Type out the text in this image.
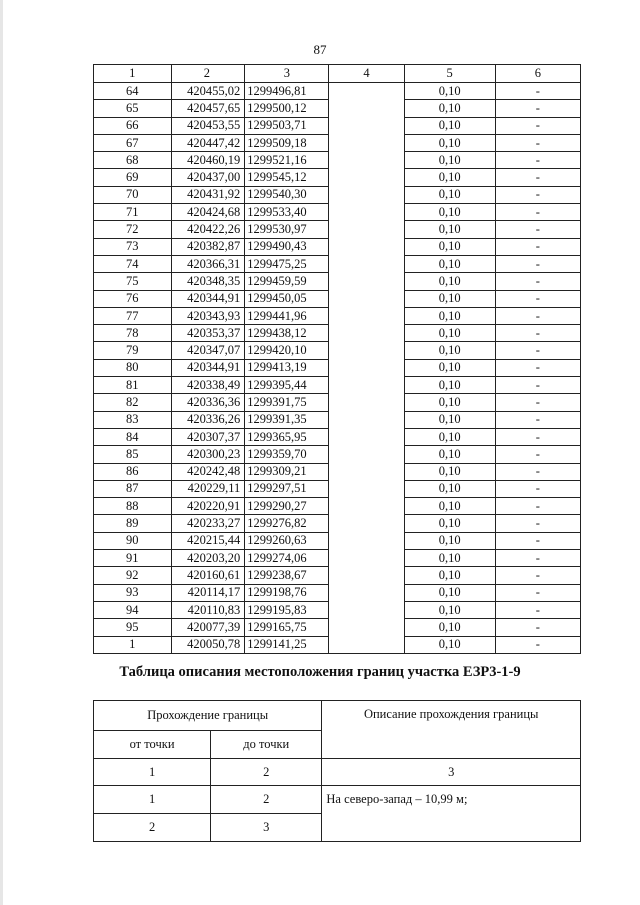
87
1	2	3	4	5	6
64	420455,02	1299496,81		0,10	-
65	420457,65	1299500,12		0,10	-
66	420453,55	1299503,71		0,10	-
67	420447,42	1299509,18		0,10	-
68	420460,19	1299521,16		0,10	-
69	420437,00	1299545,12		0,10	-
70	420431,92	1299540,30		0,10	-
71	420424,68	1299533,40		0,10	-
72	420422,26	1299530,97		0,10	-
73	420382,87	1299490,43		0,10	-
74	420366,31	1299475,25		0,10	-
75	420348,35	1299459,59		0,10	-
76	420344,91	1299450,05		0,10	-
77	420343,93	1299441,96		0,10	-
78	420353,37	1299438,12		0,10	-
79	420347,07	1299420,10		0,10	-
80	420344,91	1299413,19		0,10	-
81	420338,49	1299395,44		0,10	-
82	420336,36	1299391,75		0,10	-
83	420336,26	1299391,35		0,10	-
84	420307,37	1299365,95		0,10	-
85	420300,23	1299359,70		0,10	-
86	420242,48	1299309,21		0,10	-
87	420229,11	1299297,51		0,10	-
88	420220,91	1299290,27		0,10	-
89	420233,27	1299276,82		0,10	-
90	420215,44	1299260,63		0,10	-
91	420203,20	1299274,06		0,10	-
92	420160,61	1299238,67		0,10	-
93	420114,17	1299198,76		0,10	-
94	420110,83	1299195,83		0,10	-
95	420077,39	1299165,75		0,10	-
1	420050,78	1299141,25		0,10	-
Таблица описания местоположения границ участка ЕЗР3-1-9
Прохождение границы		Описание прохождения границы
от точки	до точки	
1	2	3
1	2	На северо-запад – 10,99 м;
2	3	
